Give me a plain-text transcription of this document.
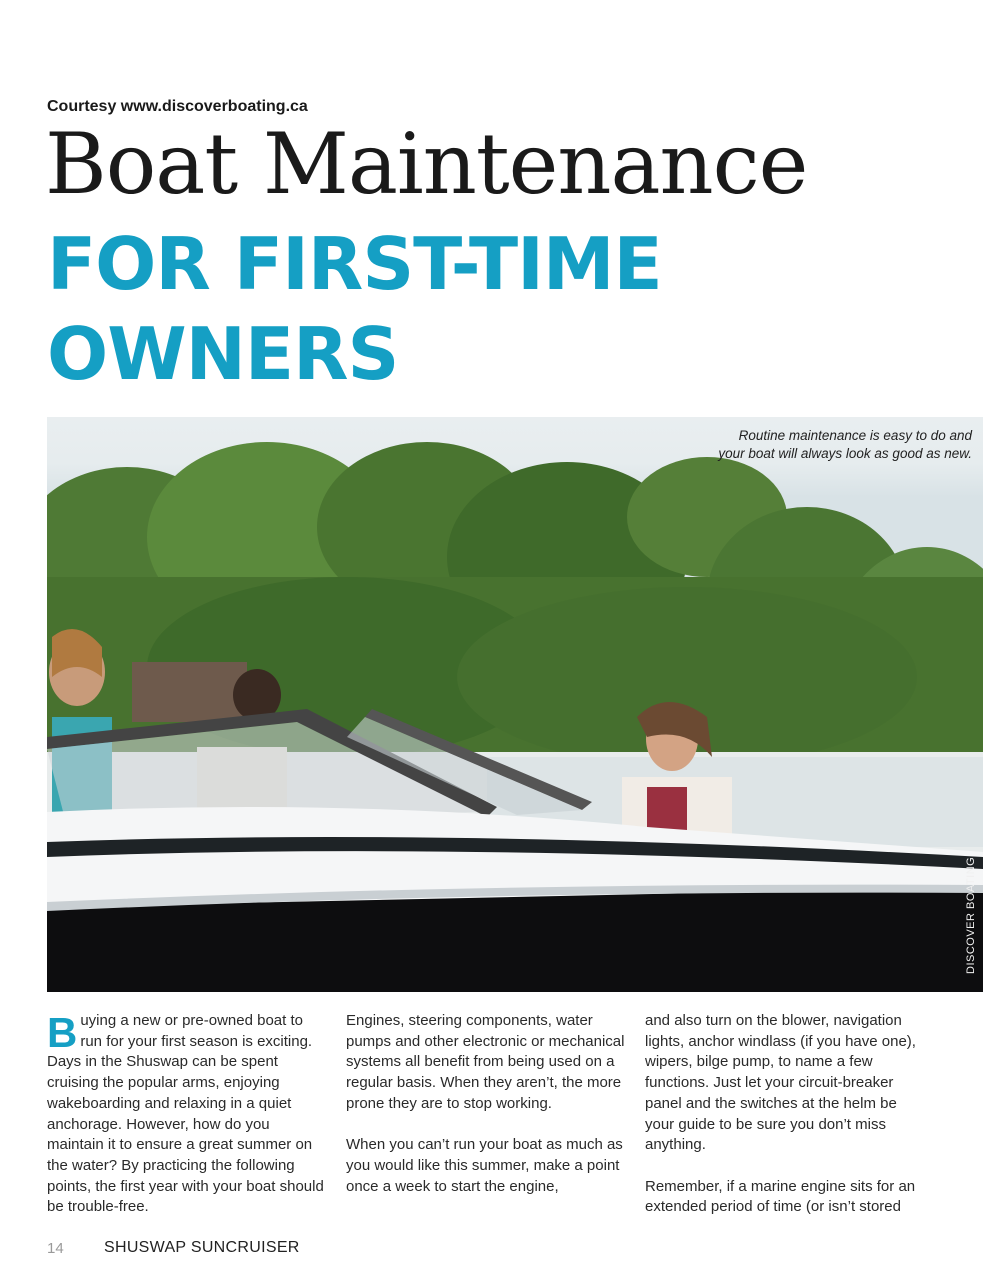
Courtesy www.discoverboating.ca
Boat Maintenance
FOR FIRST-TIME
OWNERS
Routine maintenance is easy to do and
your boat will always look as good as new.
DISCOVER BOATING

Buying a new or pre-owned boat to run for your first season is exciting. Days in the Shuswap can be spent cruising the popular arms, enjoying wakeboarding and relaxing in a quiet anchorage. However, how do you maintain it to ensure a great summer on the water? By practicing the following points, the first year with your boat should be trouble-free.

Engines, steering components, water pumps and other electronic or mechanical systems all benefit from being used on a regular basis. When they aren’t, the more prone they are to stop working.

When you can’t run your boat as much as you would like this summer, make a point once a week to start the engine,

and also turn on the blower, navigation lights, anchor windlass (if you have one), wipers, bilge pump, to name a few functions. Just let your circuit-breaker panel and the switches at the helm be your guide to be sure you don’t miss anything.

Remember, if a marine engine sits for an extended period of time (or isn’t stored

14	SHUSWAP SUNCRUISER
